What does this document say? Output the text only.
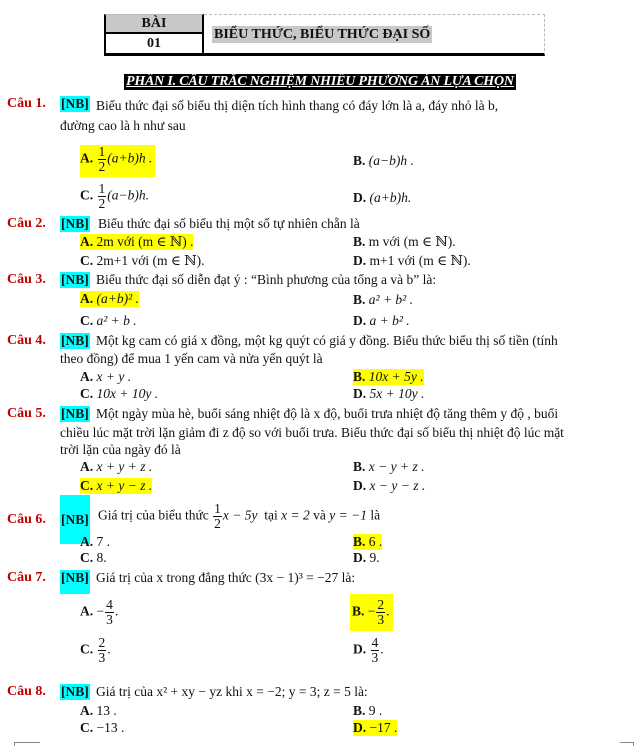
BÀI
01
BIỂU THỨC, BIỂU THỨC ĐẠI SỐ
PHẦN I. CÂU TRẮC NGHIỆM NHIỀU PHƯƠNG ÁN LỰA CHỌN
Câu 1. [NB] Biểu thức đại số biểu thị diện tích hình thang có đáy lớn là a, đáy nhỏ là b,
đường cao là h như sau
A. $\frac{1}{2} (a+b)h$ .	B. (a−b)h .
C. $\frac{1}{2} (a-b)h$.	D. (a+b)h.
Câu 2. [NB] Biểu thức đại số biểu thị một số tự nhiên chẵn là
A. 2m với (m ∈ ℕ) .	B. m với (m ∈ ℕ).
C. 2m+1 với (m ∈ ℕ).	D. m+1 với (m ∈ ℕ).
Câu 3. [NB] Biểu thức đại số diễn đạt ý : “Bình phương của tổng a và b” là:
A. (a+b)² .	B. a² + b² .
C. a² + b .	D. a + b² .
Câu 4. [NB] Một kg cam có giá x đồng, một kg quýt có giá y đồng. Biểu thức biểu thị số tiền (tính
theo đồng) để mua 1 yến cam và nửa yến quýt là
A. x + y .	B. 10x + 5y .
C. 10x + 10y .	D. 5x + 10y .
Câu 5. [NB] Một ngày mùa hè, buổi sáng nhiệt độ là x độ, buổi trưa nhiệt độ tăng thêm y độ , buổi
chiều lúc mặt trời lặn giảm đi z độ so với buổi trưa. Biểu thức đại số biểu thị nhiệt độ lúc mặt
trời lặn của ngày đó là
A. x + y + z .	B. x − y + z .
C. x + y − z .	D. x − y − z .
Câu 6. [NB] Giá trị của biểu thức $\frac{1}{2}$ x − 5y tại x = 2 và y = −1 là
A. 7 .	B. 6 .
C. 8.	D. 9.
Câu 7. [NB] Giá trị của x trong đẳng thức (3x − 1)³ = −27 là:
A. − $\frac{4}{3}$ .	B. − $\frac{2}{3}$ .
C. $\frac{2}{3}$ .	D. $\frac{4}{3}$ .
Câu 8. [NB] Giá trị của x² + xy − yz khi x = −2; y = 3; z = 5 là:
A. 13 .	B. 9 .
C. −13 .	D. −17 .
